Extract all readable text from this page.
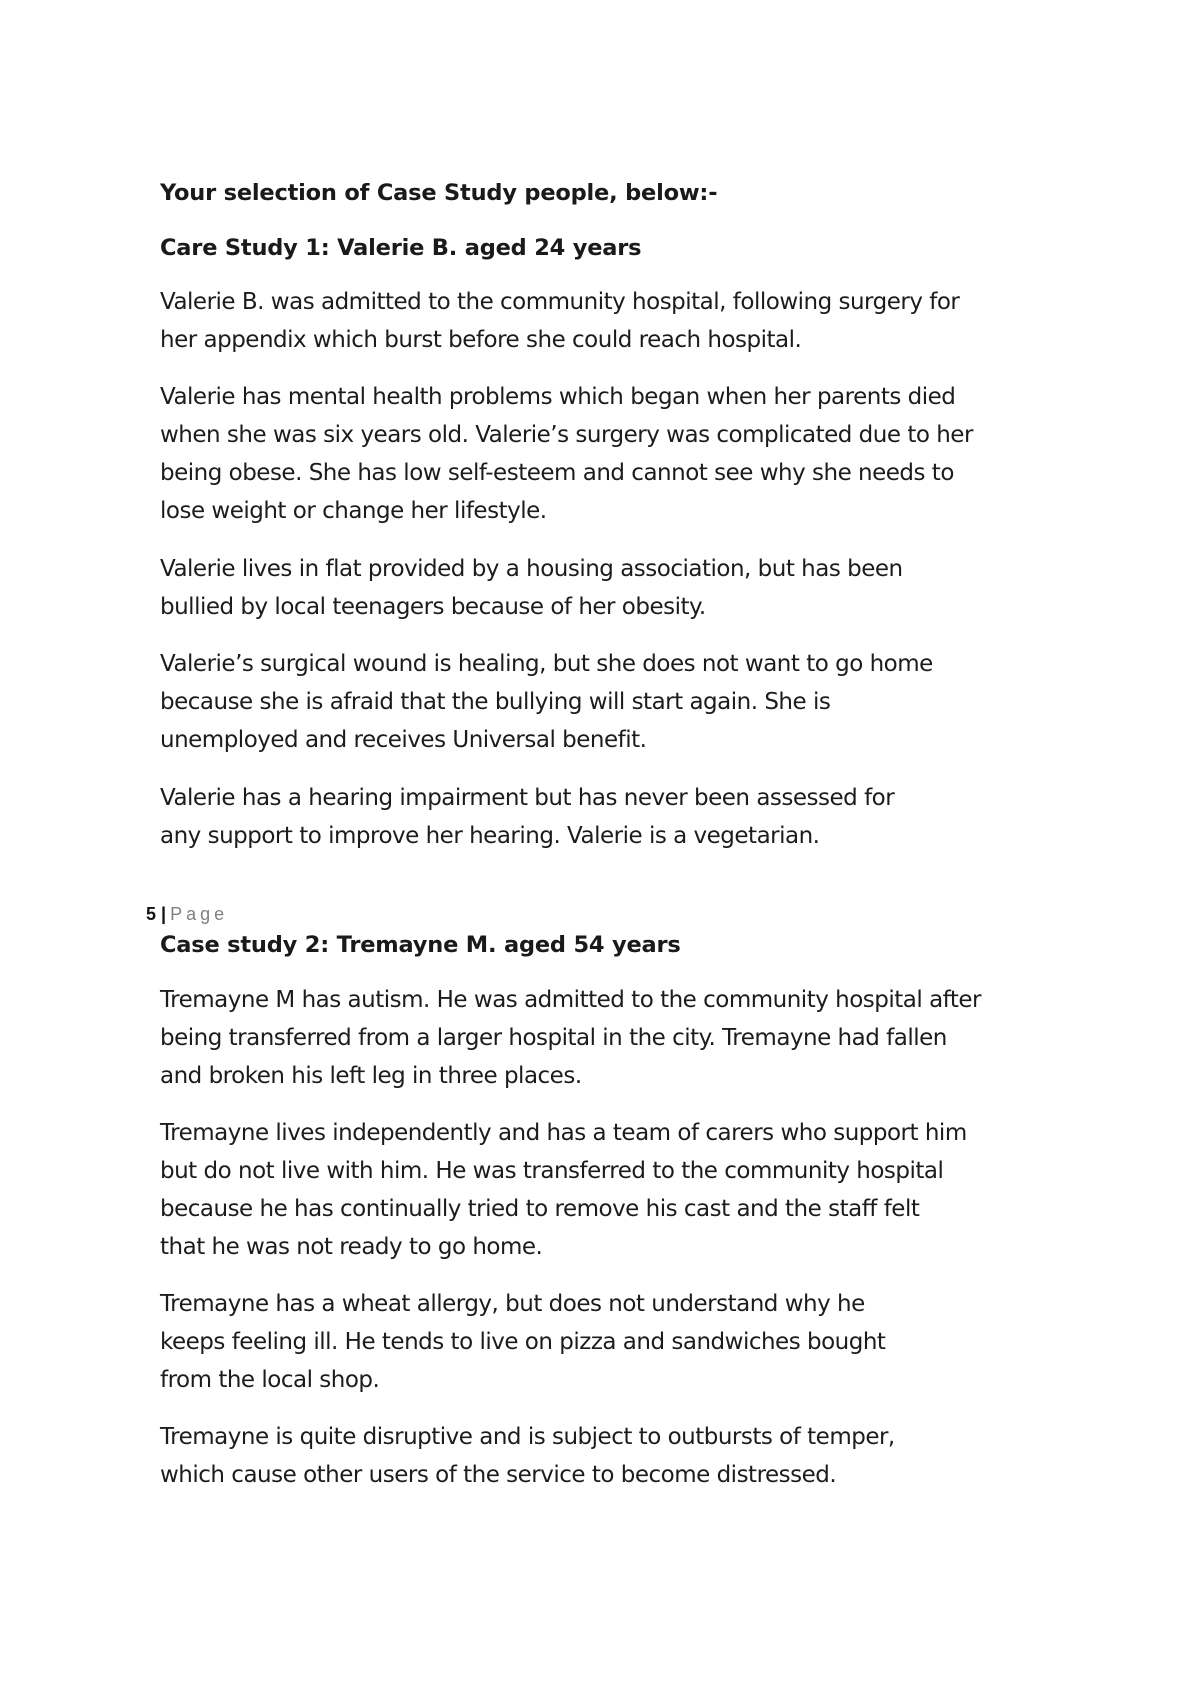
Your selection of Case Study people, below:-

Care Study 1: Valerie B. aged 24 years

Valerie B. was admitted to the community hospital, following surgery for

her appendix which burst before she could reach hospital.

Valerie has mental health problems which began when her parents died

when she was six years old. Valerie’s surgery was complicated due to her

being obese. She has low self-esteem and cannot see why she needs to

lose weight or change her lifestyle.

Valerie lives in flat provided by a housing association, but has been

bullied by local teenagers because of her obesity.

Valerie’s surgical wound is healing, but she does not want to go home

because she is afraid that the bullying will start again. She is

unemployed and receives Universal benefit.

Valerie has a hearing impairment but has never been assessed for

any support to improve her hearing. Valerie is a vegetarian.

5 | Page

Case study 2: Tremayne M. aged 54 years

Tremayne M has autism. He was admitted to the community hospital after

being transferred from a larger hospital in the city. Tremayne had fallen

and broken his left leg in three places.

Tremayne lives independently and has a team of carers who support him

but do not live with him. He was transferred to the community hospital

because he has continually tried to remove his cast and the staff felt

that he was not ready to go home.

Tremayne has a wheat allergy, but does not understand why he

keeps feeling ill. He tends to live on pizza and sandwiches bought

from the local shop.

Tremayne is quite disruptive and is subject to outbursts of temper,

which cause other users of the service to become distressed.
